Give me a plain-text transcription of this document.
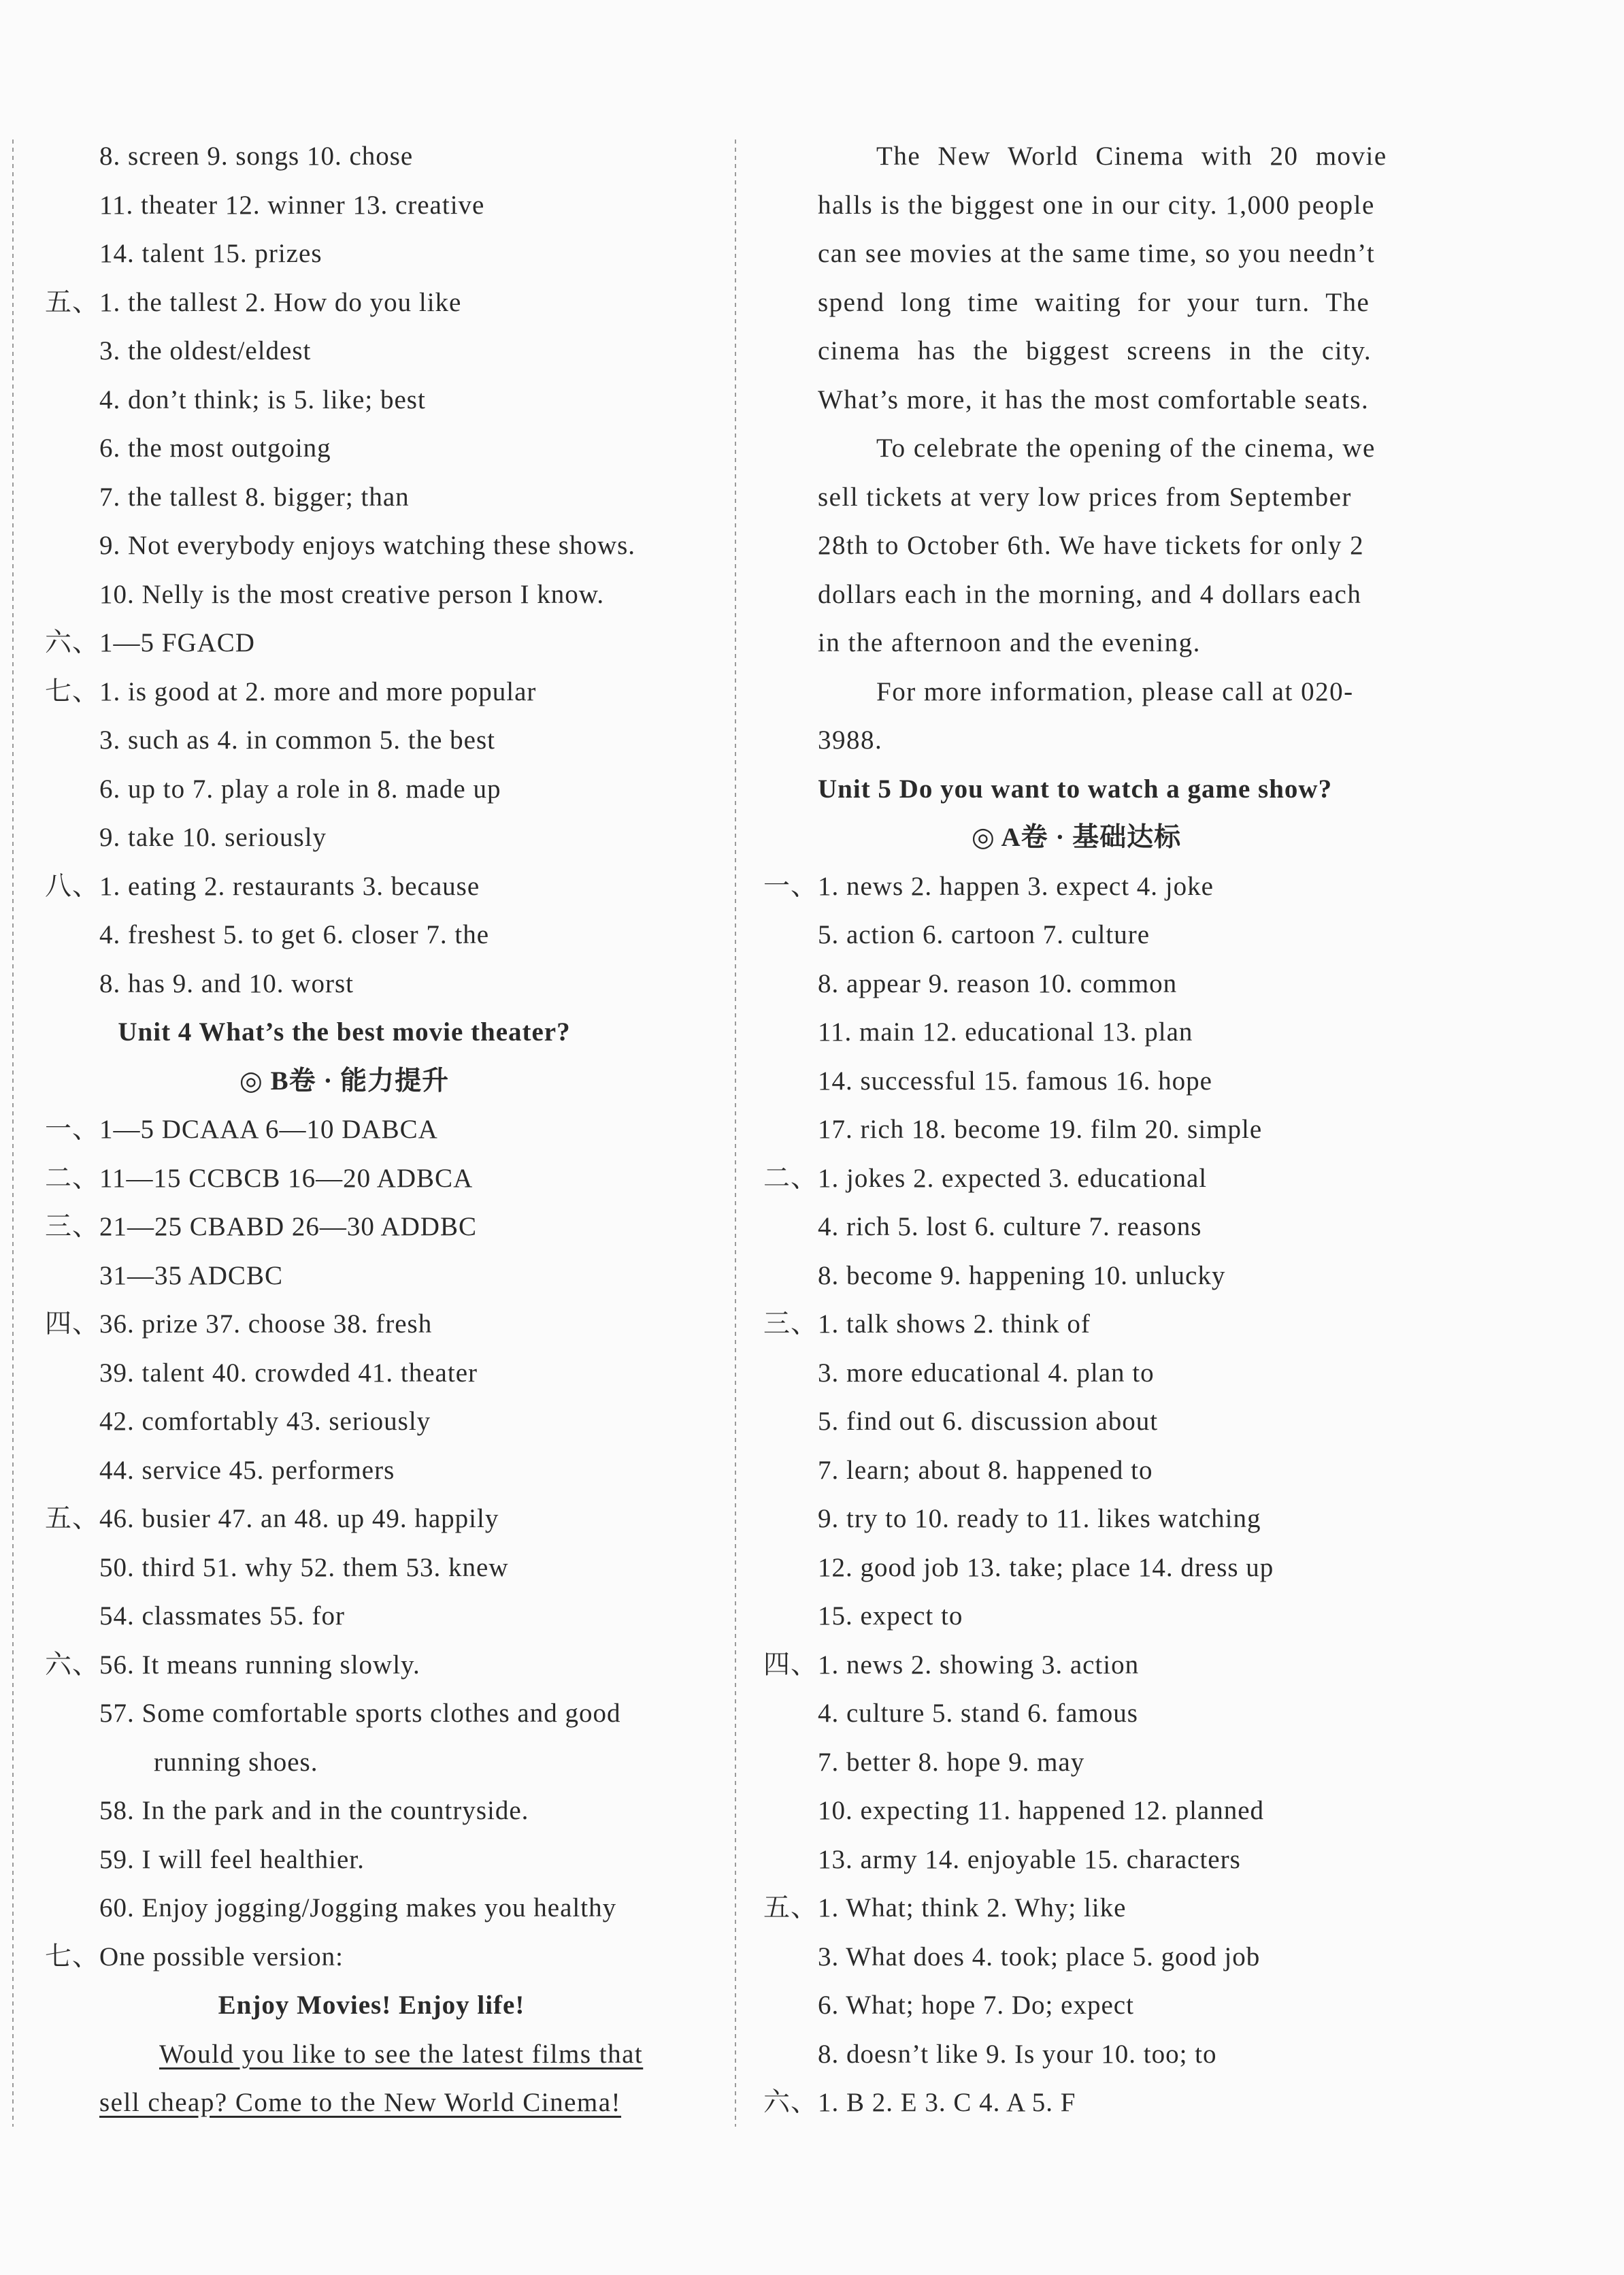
8. screen 9. songs 10. chose
11. theater 12. winner 13. creative
14. talent 15. prizes
五、 1. the tallest 2. How do you like
3. the oldest/eldest
4. don’t think; is 5. like; best
6. the most outgoing
7. the tallest 8. bigger; than
9. Not everybody enjoys watching these shows.
10. Nelly is the most creative person I know.
六、 1—5 FGACD
七、 1. is good at 2. more and more popular
3. such as 4. in common 5. the best
6. up to 7. play a role in 8. made up
9. take 10. seriously
八、 1. eating 2. restaurants 3. because
4. freshest 5. to get 6. closer 7. the
8. has 9. and 10. worst
Unit 4 What’s the best movie theater?
◎ B卷 · 能力提升
一、 1—5 DCAAA 6—10 DABCA
二、 11—15 CCBCB 16—20 ADBCA
三、 21—25 CBABD 26—30 ADDBC
31—35 ADCBC
四、 36. prize 37. choose 38. fresh
39. talent 40. crowded 41. theater
42. comfortably 43. seriously
44. service 45. performers
五、 46. busier 47. an 48. up 49. happily
50. third 51. why 52. them 53. knew
54. classmates 55. for
六、 56. It means running slowly.
57. Some comfortable sports clothes and good
running shoes.
58. In the park and in the countryside.
59. I will feel healthier.
60. Enjoy jogging/Jogging makes you healthy
七、 One possible version:
Enjoy Movies! Enjoy life!
Would you like to see the latest films that
sell cheap? Come to the New World Cinema!
The New World Cinema with 20 movie
halls is the biggest one in our city. 1,000 people
can see movies at the same time, so you needn’t
spend long time waiting for your turn. The
cinema has the biggest screens in the city.
What’s more, it has the most comfortable seats.
To celebrate the opening of the cinema, we
sell tickets at very low prices from September
28th to October 6th. We have tickets for only 2
dollars each in the morning, and 4 dollars each
in the afternoon and the evening.
For more information, please call at 020-
3988.
Unit 5 Do you want to watch a game show?
◎ A卷 · 基础达标
一、 1. news 2. happen 3. expect 4. joke
5. action 6. cartoon 7. culture
8. appear 9. reason 10. common
11. main 12. educational 13. plan
14. successful 15. famous 16. hope
17. rich 18. become 19. film 20. simple
二、 1. jokes 2. expected 3. educational
4. rich 5. lost 6. culture 7. reasons
8. become 9. happening 10. unlucky
三、 1. talk shows 2. think of
3. more educational 4. plan to
5. find out 6. discussion about
7. learn; about 8. happened to
9. try to 10. ready to 11. likes watching
12. good job 13. take; place 14. dress up
15. expect to
四、 1. news 2. showing 3. action
4. culture 5. stand 6. famous
7. better 8. hope 9. may
10. expecting 11. happened 12. planned
13. army 14. enjoyable 15. characters
五、 1. What; think 2. Why; like
3. What does 4. took; place 5. good job
6. What; hope 7. Do; expect
8. doesn’t like 9. Is your 10. too; to
六、 1. B 2. E 3. C 4. A 5. F
